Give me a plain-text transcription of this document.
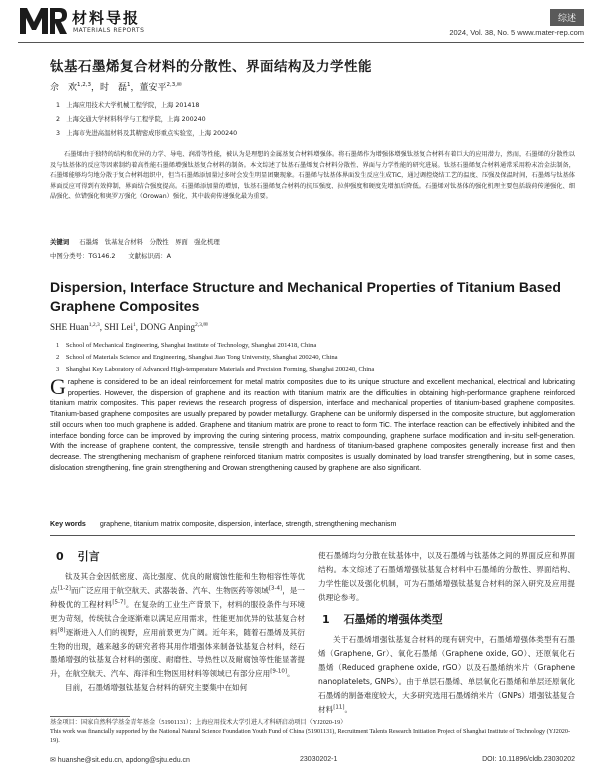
材料导报
MATERIALS REPORTS
综述
2024, Vol. 38, No. 5 www.mater-rep.com
钛基石墨烯复合材料的分散性、界面结构及力学性能
佘　欢$^{1,2,3}$，时　磊$^1$，董安平$^{2,3,✉}$
1　上海应用技术大学机械工程学院，上海 201418
2　上海交通大学材料科学与工程学院，上海 200240
3　上海市先进高温材料及其精密成形重点实验室，上海 200240
石墨烯由于独特的结构和优异的力学、导电、润滑等性能，被认为是理想的金属基复合材料增强体。将石墨烯作为增强体增强钛基复合材料有着巨大的应用潜力，然而，石墨烯的分散性以及与钛基体的反应等因素制约着高性能石墨烯增强钛基复合材料的制备。本文综述了钛基石墨烯复合材料分散性、界面与力学性能的研究进展。钛基石墨烯复合材料通常采用粉末冶金法制备，石墨烯能够均匀地分散于复合材料组织中，但当石墨烯添加量过多时会发生明显团聚现象。石墨烯与钛基体界面发生反应生成TiC，通过调控烧结工艺的温度、压强及保温时间，石墨烯与钛基体界面反应可得到有效抑制，界面结合强度提高。石墨烯添加量的增加，钛基石墨烯复合材料的抗压强度、拉伸强度和硬度先增加后降低。石墨烯对钛基体的强化机理主要包括载荷传递强化、细晶强化、位错强化和奥罗万强化（Orowan）强化，其中载荷传递强化最为重要。
关键词 石墨烯　钛基复合材料　分散性　界面　强化机理
中图分类号：TG146.2　　文献标识码：A
Dispersion, Interface Structure and Mechanical Properties of Titanium Based Graphene Composites
SHE Huan$^{1,2,3}$, SHI Lei$^1$, DONG Anping$^{2,3,✉}$
1　School of Mechanical Engineering, Shanghai Institute of Technology, Shanghai 201418, China
2　School of Materials Science and Engineering, Shanghai Jiao Tong University, Shanghai 200240, China
3　Shanghai Key Laboratory of Advanced High-temperature Materials and Precision Forming, Shanghai 200240, China
Graphene is considered to be an ideal reinforcement for metal matrix composites due to its unique structure and excellent mechanical, electrical and lubricating properties. However, the dispersion of graphene and its reaction with titanium matrix are the difficulties in obtaining high-performance graphene reinforced titanium matrix composites. This paper reviews the research progress of dispersion, interface and mechanical properties of titanium-based graphene composites. Titanium-based graphene composites are usually prepared by powder metallurgy. Graphene can be uniformly dispersed in the composite structure, but agglomeration still occurs when too much graphene is added. Graphene and titanium matrix are prone to react to form TiC. The interface reaction can be effectively inhibited and the interface bonding force can be improved by improving the curing sintering process, matrix compounding, graphene surface modification and in-situ self-generation. With the increase of graphene content, the compressive, tensile strength and hardness of titanium-based graphene composites generally increase first and then decrease. The strengthening mechanism of graphene reinforced titanium matrix composites is usually dominated by load transfer strengthening, but in some cases, dislocation strengthening, fine grain strengthening and Orowan strengthening caused by graphene are also significant.
Key words graphene, titanium matrix composite, dispersion, interface, strength, strengthening mechanism
0 引言

钛及其合金因低密度、高比强度、优良的耐腐蚀性能和生物相容性等优点[1-2]而广泛应用于航空航天、武器装备、汽车、生物医药等领域[3-4]，是一种极优的工程材料[5-7]。在复杂的工业生产背景下，材料的服役条件与环境更为苛刻，传统钛合金逐渐难以满足应用需求，性能更加优异的钛基复合材料[8]逐渐进入人们的视野，应用前景更为广阔。近年来，随着石墨烯及其衍生物的出现，越来越多的研究者将其用作增强体来制备钛基复合材料，经石墨烯增强的钛基复合材料的强度、耐磨性、导热性以及耐腐蚀等性能显著提升，在航空航天、汽车、海洋和生物医用材料等领域已有部分应用[9-10]。

目前，石墨烯增强钛基复合材料的研究主要集中在如何

使石墨烯均匀分散在钛基体中，以及石墨烯与钛基体之间的界面反应和界面结构。本文综述了石墨烯增强钛基复合材料中石墨烯的分散性、界面结构、力学性能以及强化机制，可为石墨烯增强钛基复合材料的深入研究及应用提供理论参考。

1 石墨烯的增强体类型

关于石墨烯增强钛基复合材料的现有研究中，石墨烯增强体类型有石墨烯（Graphene, Gr）、氧化石墨烯（Graphene oxide, GO）、还原氧化石墨烯（Reduced graphene oxide, rGO）以及石墨烯纳米片（Graphene nanoplatelets, GNPs）。由于单层石墨烯、单层氧化石墨烯和单层还原氧化石墨烯的制备难度较大，大多研究选用石墨烯纳米片（GNPs）增强钛基复合材料[11]。

基金项目：国家自然科学基金青年基金（51901131）；上海应用技术大学引进人才科研启动项目（YJ2020-19）
This work was financially supported by the National Natural Science Foundation Youth Fund of China (51901131), Recruitment Talents Research Initiation Project of Shanghai Institute of Technology (YJ2020-19).
✉ huanshe@sit.edu.cn, apdong@sjtu.edu.cn	23030202-1	DOI: 10.11896/cldb.23030202
